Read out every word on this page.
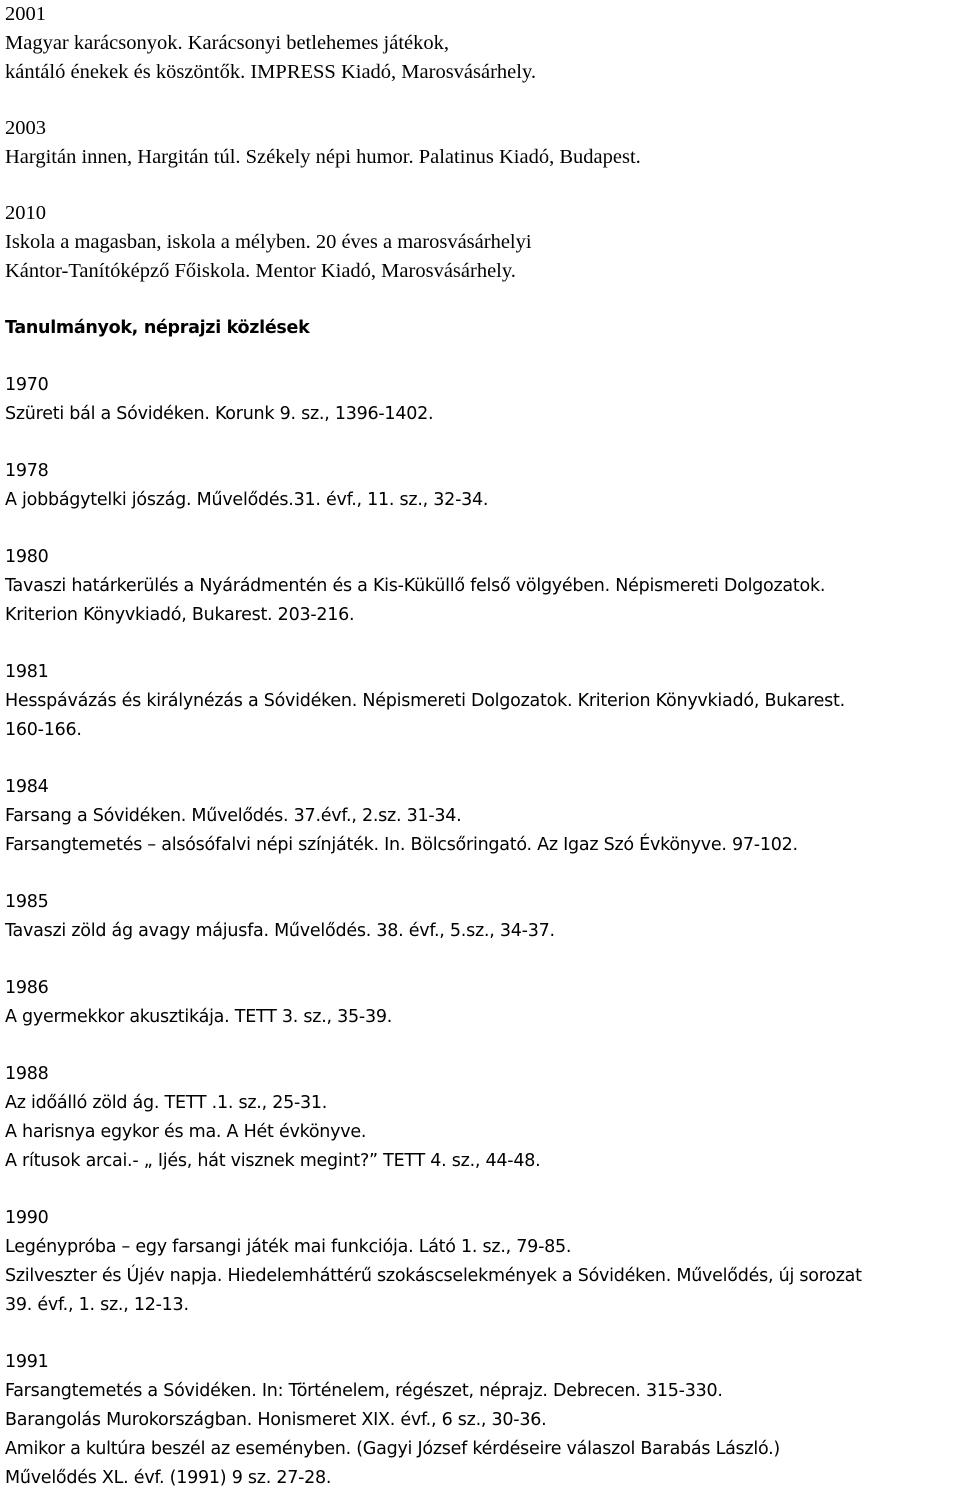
2001
Magyar karácsonyok. Karácsonyi betlehemes játékok,
kántáló énekek és köszöntők. IMPRESS Kiadó, Marosvásárhely.
2003
Hargitán innen, Hargitán túl. Székely népi humor. Palatinus Kiadó, Budapest.
2010
Iskola a magasban, iskola a mélyben. 20 éves a marosvásárhelyi
Kántor-Tanítóképző Főiskola. Mentor Kiadó, Marosvásárhely.
Tanulmányok, néprajzi közlések
1970
Szüreti bál a Sóvidéken. Korunk 9. sz., 1396-1402.
1978
A jobbágytelki jószág. Művelődés.31. évf., 11. sz., 32-34.
1980
Tavaszi határkerülés a Nyárádmentén és a Kis-Küküllő felső völgyében. Népismereti Dolgozatok.
Kriterion Könyvkiadó, Bukarest. 203-216.
1981
Hesspávázás és királynézás a Sóvidéken. Népismereti Dolgozatok. Kriterion Könyvkiadó, Bukarest.
160-166.
1984
Farsang a Sóvidéken. Művelődés. 37.évf., 2.sz. 31-34.
Farsangtemetés – alsósófalvi népi színjáték. In. Bölcsőringató. Az Igaz Szó Évkönyve. 97-102.
1985
Tavaszi zöld ág avagy májusfa. Művelődés. 38. évf., 5.sz., 34-37.
1986
A gyermekkor akusztikája. TETT 3. sz., 35-39.
1988
Az időálló zöld ág. TETT .1. sz., 25-31.
A harisnya egykor és ma. A Hét évkönyve.
A rítusok arcai.- „ Ijés, hát visznek megint?” TETT 4. sz., 44-48.
1990
Legénypróba – egy farsangi játék mai funkciója. Látó 1. sz., 79-85.
Szilveszter és Újév napja. Hiedelemháttérű szokáscselekmények a Sóvidéken. Művelődés, új sorozat
39. évf., 1. sz., 12-13.
1991
Farsangtemetés a Sóvidéken. In: Történelem, régészet, néprajz. Debrecen. 315-330.
Barangolás Murokországban. Honismeret XIX. évf., 6 sz., 30-36.
Amikor a kultúra beszél az eseményben. (Gagyi József kérdéseire válaszol Barabás László.)
Művelődés XL. évf. (1991) 9 sz. 27-28.
